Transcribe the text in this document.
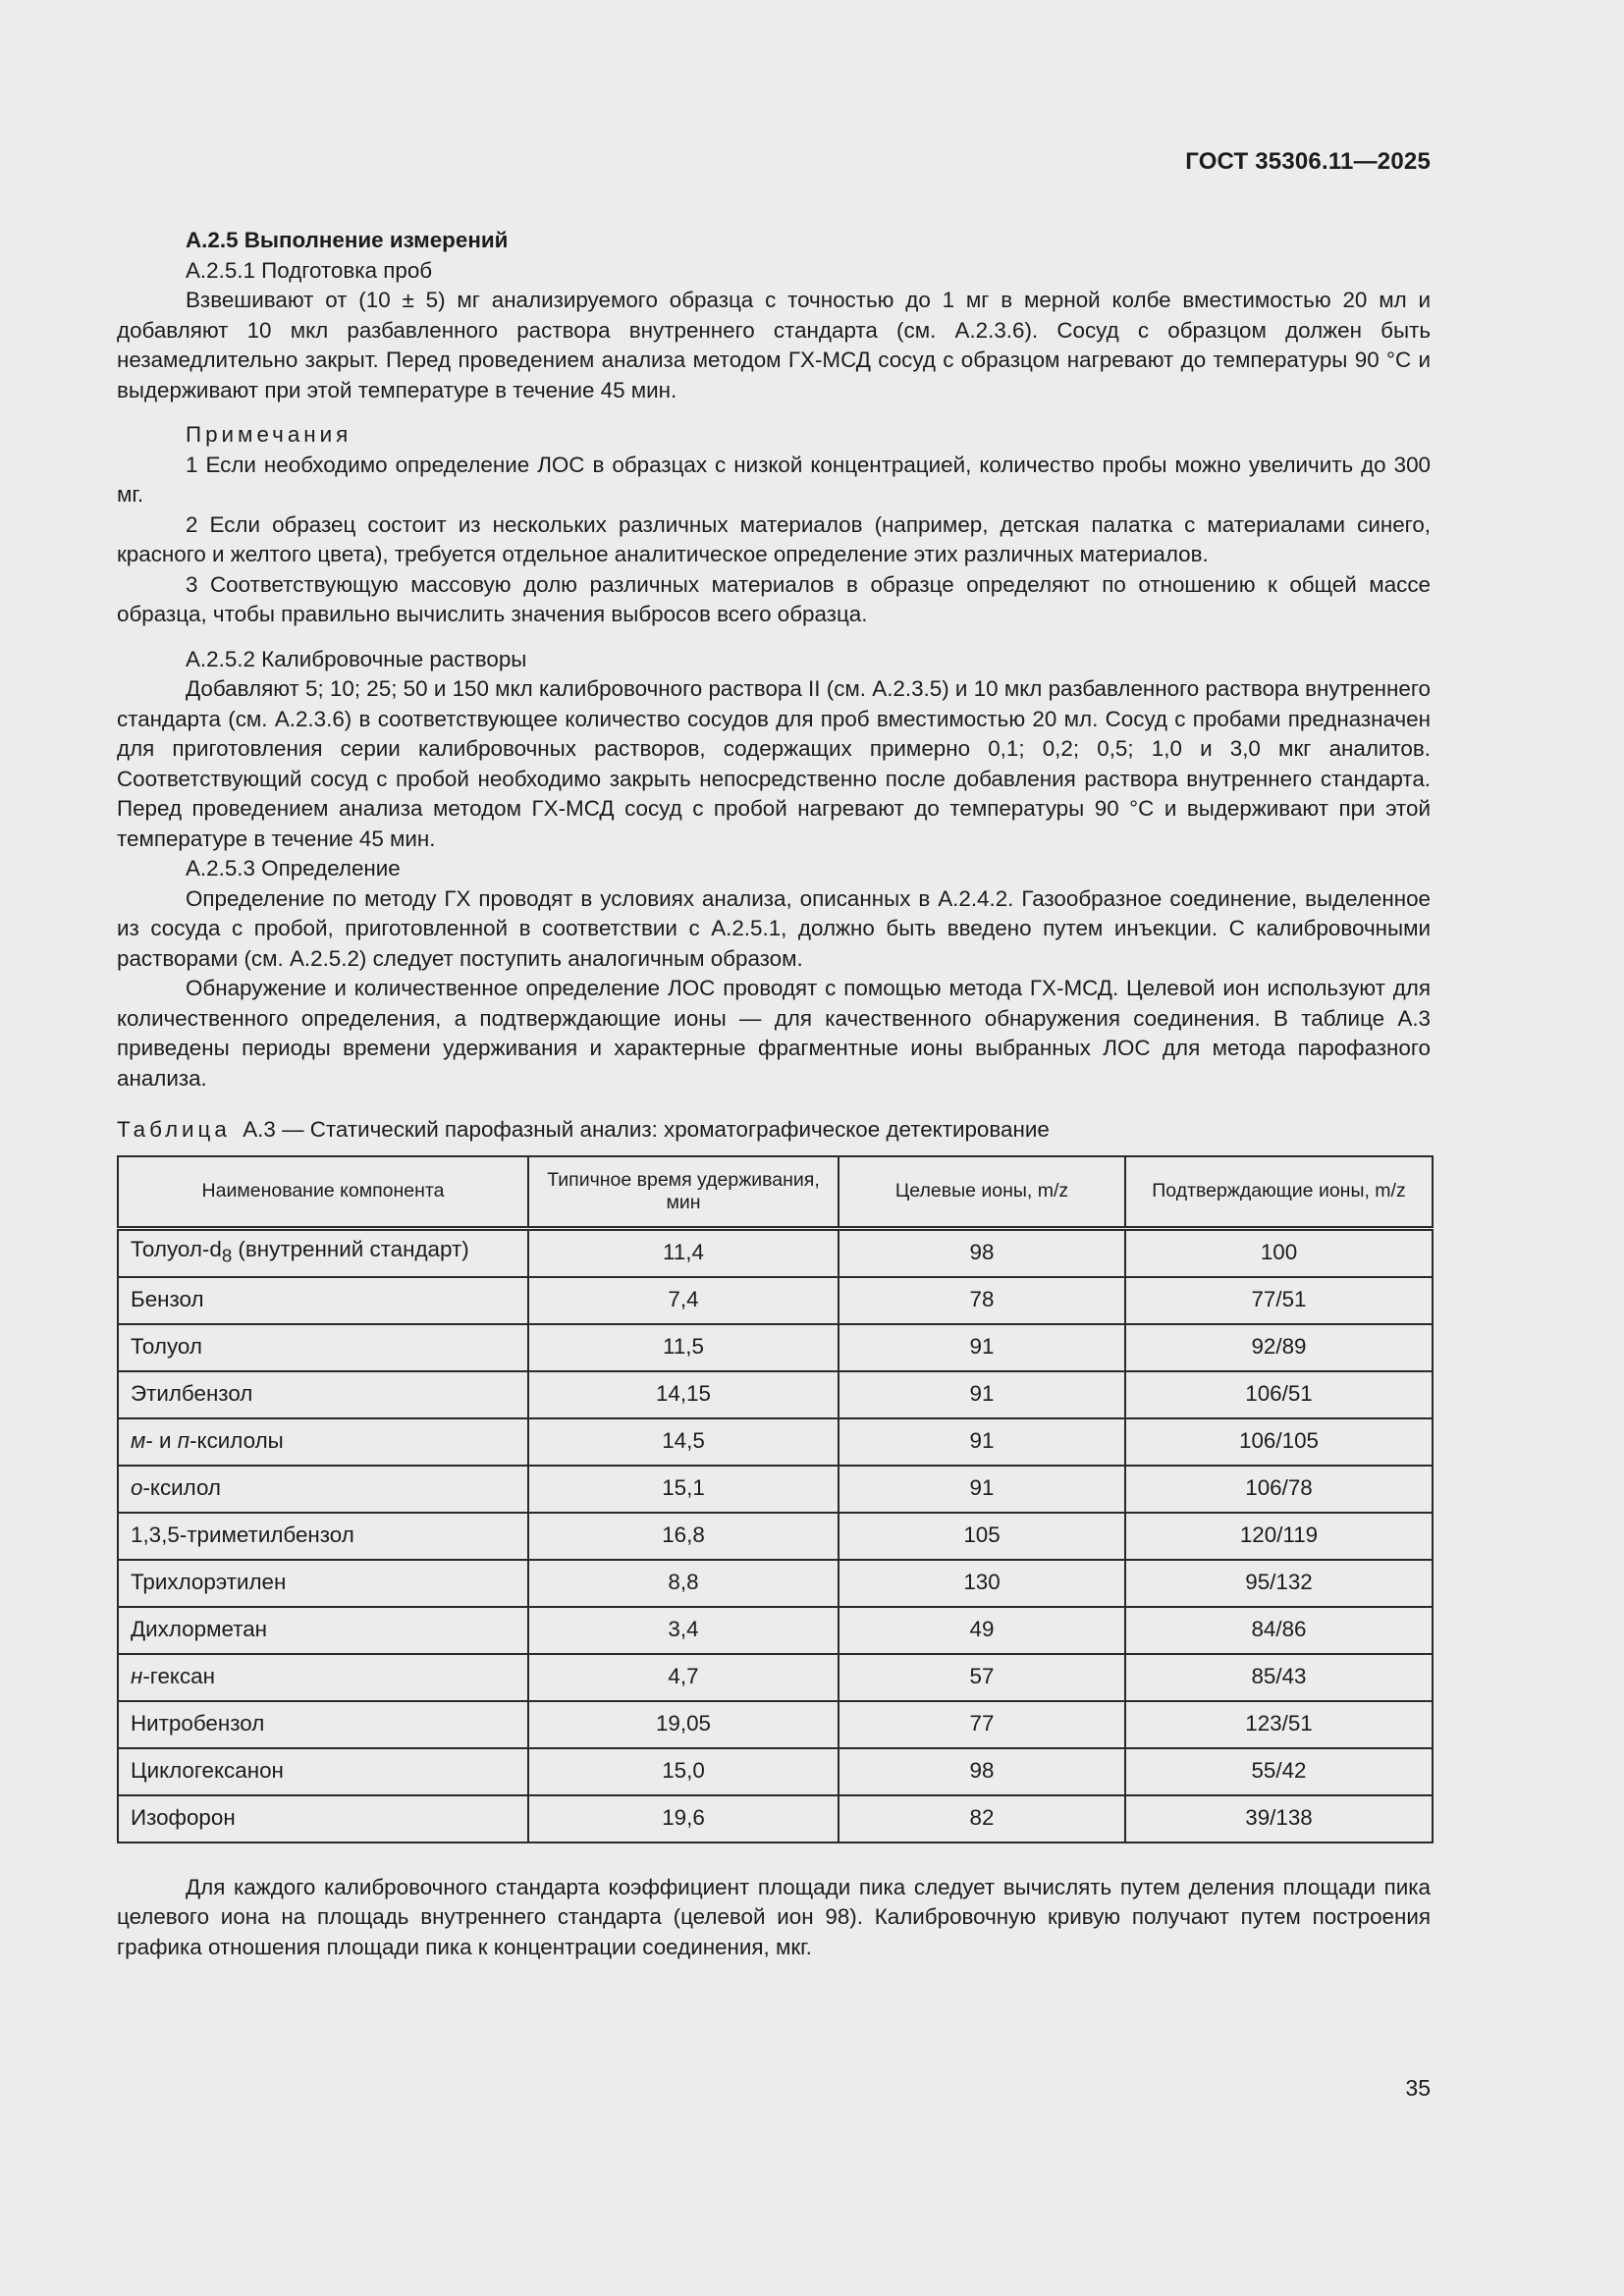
ГОСТ 35306.11—2025

А.2.5 Выполнение измерений

А.2.5.1 Подготовка проб

Взвешивают от (10 ± 5) мг анализируемого образца с точностью до 1 мг в мерной колбе вместимостью 20 мл и добавляют 10 мкл разбавленного раствора внутреннего стандарта (см. А.2.3.6). Сосуд с образцом должен быть незамедлительно закрыт. Перед проведением анализа методом ГХ-МСД сосуд с образцом нагревают до температуры 90 °С и выдерживают при этой температуре в течение 45 мин.

Примечания

1 Если необходимо определение ЛОС в образцах с низкой концентрацией, количество пробы можно увеличить до 300 мг.

2 Если образец состоит из нескольких различных материалов (например, детская палатка с материалами синего, красного и желтого цвета), требуется отдельное аналитическое определение этих различных материалов.

3 Соответствующую массовую долю различных материалов в образце определяют по отношению к общей массе образца, чтобы правильно вычислить значения выбросов всего образца.

А.2.5.2 Калибровочные растворы

Добавляют 5; 10; 25; 50 и 150 мкл калибровочного раствора II (см. А.2.3.5) и 10 мкл разбавленного раствора внутреннего стандарта (см. А.2.3.6) в соответствующее количество сосудов для проб вместимостью 20 мл. Сосуд с пробами предназначен для приготовления серии калибровочных растворов, содержащих примерно 0,1; 0,2; 0,5; 1,0 и 3,0 мкг аналитов. Соответствующий сосуд с пробой необходимо закрыть непосредственно после добавления раствора внутреннего стандарта. Перед проведением анализа методом ГХ-МСД сосуд с пробой нагревают до температуры 90 °С и выдерживают при этой температуре в течение 45 мин.

А.2.5.3 Определение

Определение по методу ГХ проводят в условиях анализа, описанных в А.2.4.2. Газообразное соединение, выделенное из сосуда с пробой, приготовленной в соответствии с А.2.5.1, должно быть введено путем инъекции. С калибровочными растворами (см. А.2.5.2) следует поступить аналогичным образом.

Обнаружение и количественное определение ЛОС проводят с помощью метода ГХ-МСД. Целевой ион используют для количественного определения, а подтверждающие ионы — для качественного обнаружения соединения. В таблице А.3 приведены периоды времени удерживания и характерные фрагментные ионы выбранных ЛОС для метода парофазного анализа.

Таблица А.3 — Статический парофазный анализ: хроматографическое детектирование

Наименование компонента	Типичное время удерживания, мин	Целевые ионы, m/z	Подтверждающие ионы, m/z
Толуол-$d_8$ (внутренний стандарт)	11,4	98	100
Бензол	7,4	78	77/51
Толуол	11,5	91	92/89
Этилбензол	14,15	91	106/51
м- и п-ксилолы	14,5	91	106/105
о-ксилол	15,1	91	106/78
1,3,5-триметилбензол	16,8	105	120/119
Трихлорэтилен	8,8	130	95/132
Дихлорметан	3,4	49	84/86
н-гексан	4,7	57	85/43
Нитробензол	19,05	77	123/51
Циклогексанон	15,0	98	55/42
Изофорон	19,6	82	39/138

Для каждого калибровочного стандарта коэффициент площади пика следует вычислять путем деления площади пика целевого иона на площадь внутреннего стандарта (целевой ион 98). Калибровочную кривую получают путем построения графика отношения площади пика к концентрации соединения, мкг.

35
